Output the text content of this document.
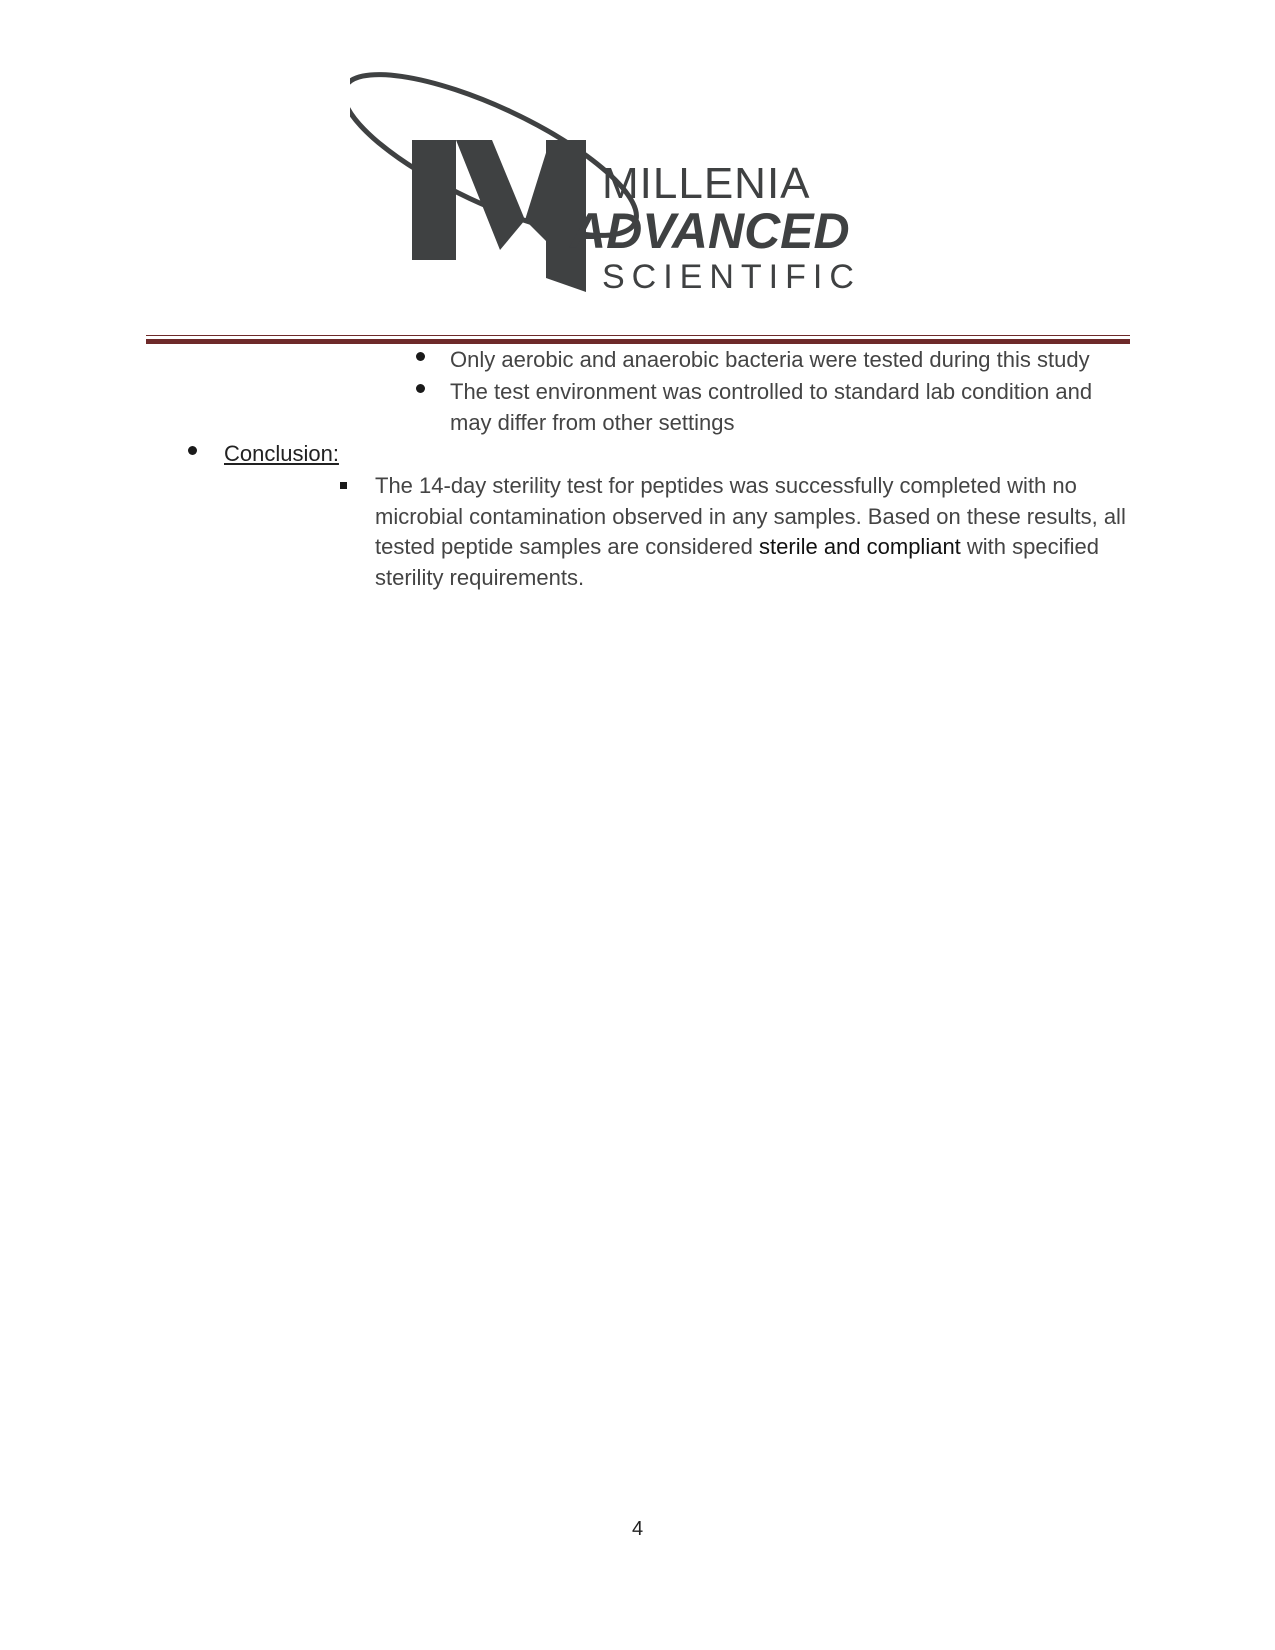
MILLENIA
ADVANCED
SCIENTIFIC
Only aerobic and anaerobic bacteria were tested during this study
The test environment was controlled to standard lab condition and
may differ from other settings
Conclusion:
The 14-day sterility test for peptides was successfully completed with no microbial contamination observed in any samples. Based on these results, all tested peptide samples are considered sterile and compliant with specified sterility requirements.
4
